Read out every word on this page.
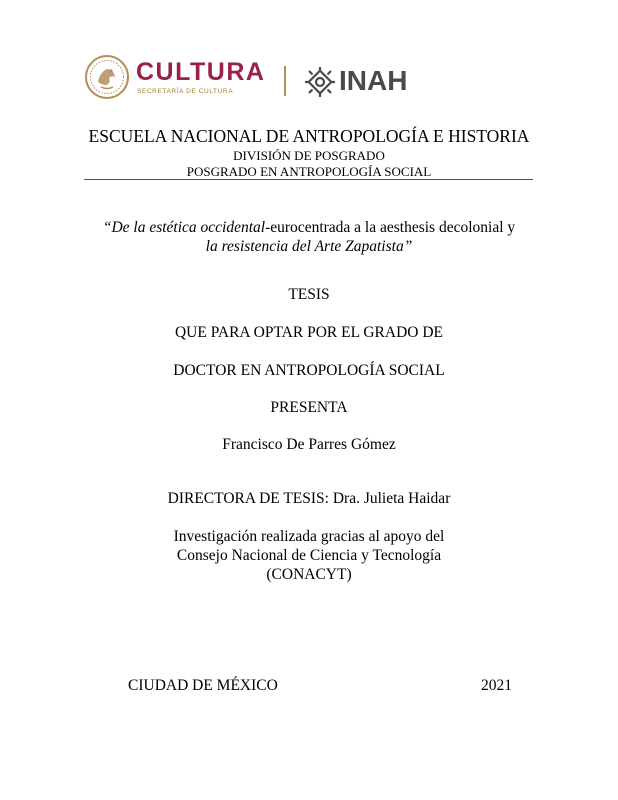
CULTURA
SECRETARÍA DE CULTURA	INAH
ESCUELA NACIONAL DE ANTROPOLOGÍA E HISTORIA
DIVISIÓN DE POSGRADO
POSGRADO EN ANTROPOLOGÍA SOCIAL
“De la estética occidental-eurocentrada a la aesthesis decolonial y
la resistencia del Arte Zapatista”
TESIS
QUE PARA OPTAR POR EL GRADO DE
DOCTOR EN ANTROPOLOGÍA SOCIAL
PRESENTA
Francisco De Parres Gómez
DIRECTORA DE TESIS: Dra. Julieta Haidar
Investigación realizada gracias al apoyo del
Consejo Nacional de Ciencia y Tecnología
(CONACYT)
CIUDAD DE MÉXICO	2021
